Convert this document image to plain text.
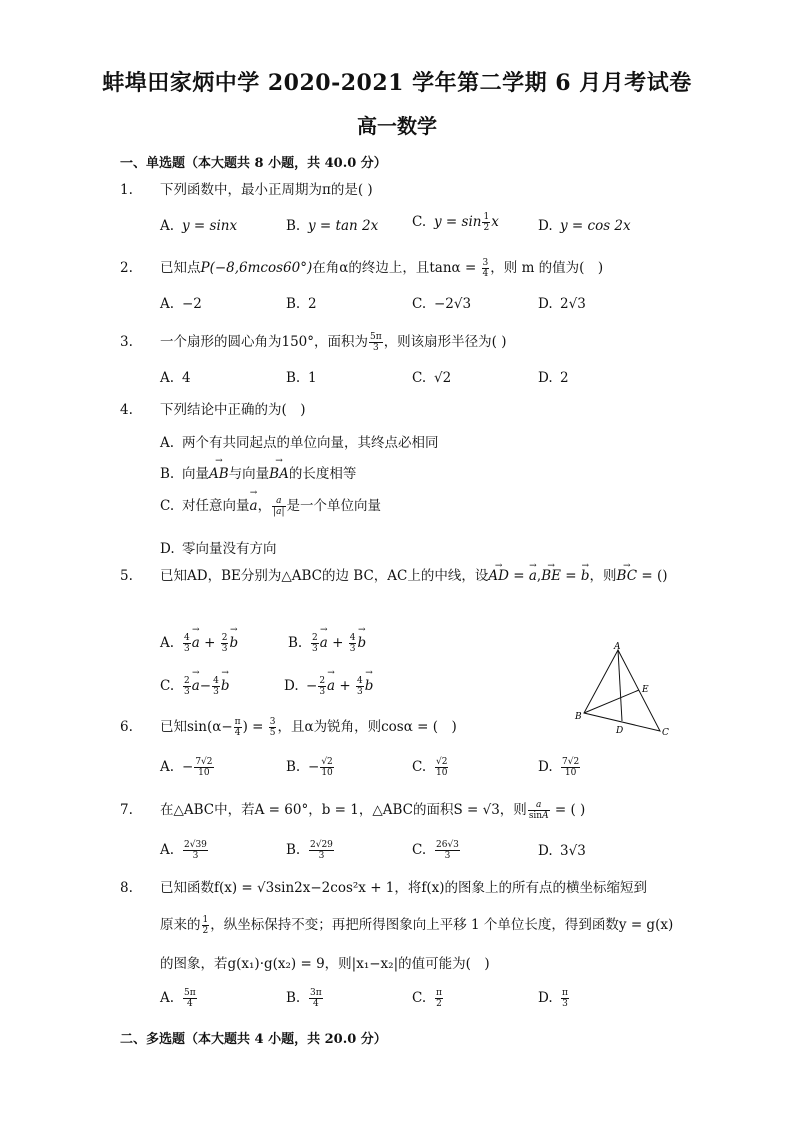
蚌埠田家炳中学 2020-2021 学年第二学期 6 月月考试卷
高一数学
一、单选题（本大题共 8 小题，共 40.0 分）
1. 下列函数中，最小正周期为π的是( )
A. y = sinx	B. y = tan 2x	C. $y = \sin \frac{1}{2}$ x	D. y = cos 2x
2. 已知点P(−8,6mcos60°)在角α的终边上，且$\tan\alpha = \frac{3}{4}$ ，则 m 的值为(　)
A. −2	B. 2	C. −2√3	D. 2√3
3. 一个扇形的圆心角为150°，面积为 $\frac{5\pi}{3}$ ，则该扇形半径为( )
A. 4	B. 1	C. √2	D. 2
4. 下列结论中正确的为(　)
A. 两个有共同起点的单位向量，其终点必相同
B. 向量→ AB与向量→ BA的长度相等
C. 对任意向量→ a， $\frac{a}{|a|}$ 是一个单位向量
D. 零向量没有方向
5. 已知AD，BE分别为△ABC的边 BC，AC上的中线，设→ AD = → a,→ BE = → b，则→ BC = ()
A. $\frac{4}{3}$
→ $a + \frac{2}{3}$
→ b	B. $\frac{2}{3}$
→ $a + \frac{4}{3}$
→ b
C. $\frac{2}{3}$
→ $a- \frac{4}{3}$
→ b	D. − $\frac{2}{3}$
→ $a + \frac{4}{3}$
→ b
A
B
C
D
E
6. 已知$\sin(\alpha- \frac{\pi}{4}$ ) = $\frac{3}{5}$ ，且α为锐角，则cosα = (　)
A. − $\frac{7√2}{10}$	B. − $\frac{√2}{10}$	C. $\frac{√2}{10}$	D. $\frac{7√2}{10}$
7. 在△ABC中，若A = 60°，b = 1，△ABC的面积S = √3，则 $\frac{a}{\sin A}$ = ( )
A. $\frac{2√39}{3}$	B. $\frac{2√29}{3}$	C. $\frac{26√3}{3}$	D. 3√3
8. 已知函数f(x) = √3sin2x−2cos²x + 1，将f(x)的图象上的所有点的横坐标缩短到
原来的 $\frac{1}{2}$ ，纵坐标保持不变；再把所得图象向上平移 1 个单位长度，得到函数y = g(x)
的图象，若g(x₁)·g(x₂) = 9，则|x₁−x₂|的值可能为(　)
A. $\frac{5\pi}{4}$	B. $\frac{3\pi}{4}$	C. $\frac{\pi}{2}$	D. $\frac{\pi}{3}$
二、多选题（本大题共 4 小题，共 20.0 分）
